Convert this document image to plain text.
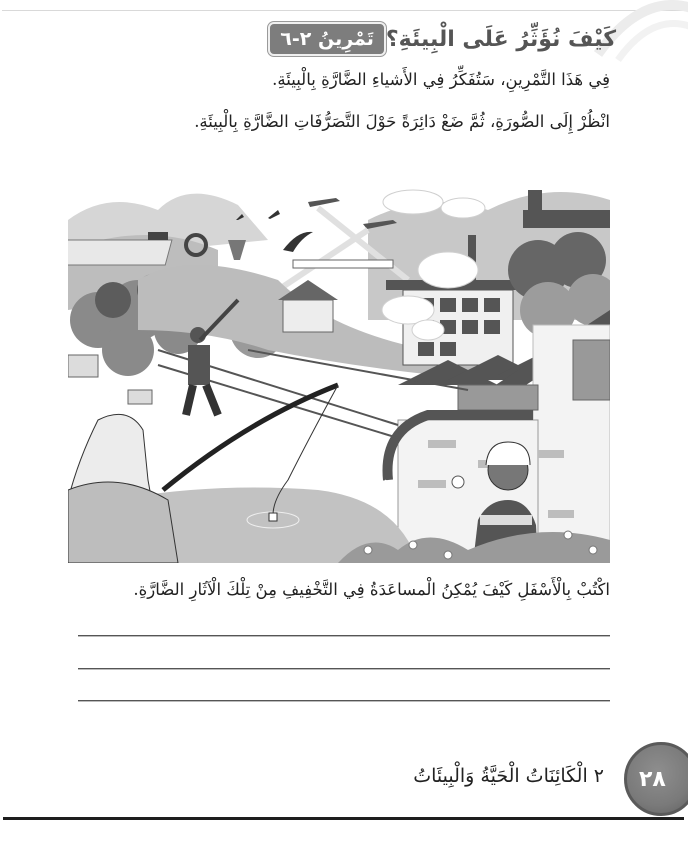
تَمْرِينُ ٢-٦ كَيْفَ نُؤَثِّرُ عَلَى الْبِيئَةِ؟
فِي هَذَا التَّمْرِينِ، سَتُفَكِّرُ فِي الأَشياءِ الضَّارَّةِ بِالْبِيئَةِ.
انْظُرْ إِلَى الصُّورَةِ، ثُمَّ ضَعْ دَائِرَةً حَوْلَ التَّصَرُّفَاتِ الضَّارَّةِ بِالْبِيئَةِ.
اكْتُبْ بِالْأَسْفَلِ كَيْفَ يُمْكِنُ الْمساعَدَةُ فِي التَّخْفِيفِ مِنْ تِلْكَ الْآثَارِ الضَّارَّةِ.
٢ الْكَائِنَاتُ الْحَيَّةُ وَالْبِيئَاتُ ٢٨
